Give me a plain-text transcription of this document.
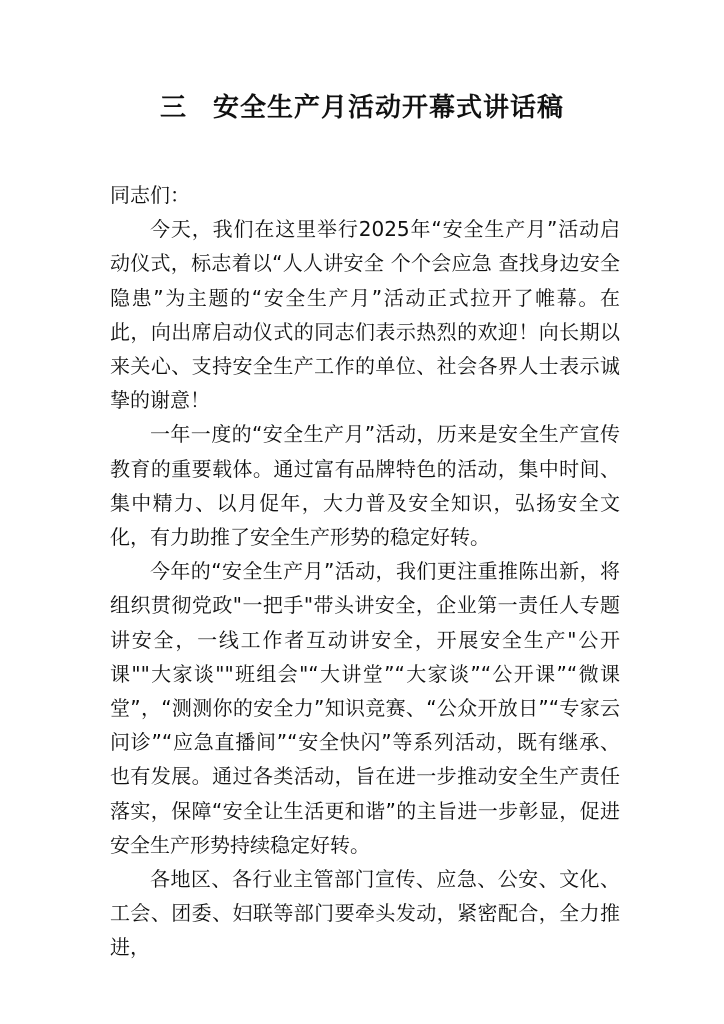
三 安全生产月活动开幕式讲话稿

同志们：

今天，我们在这里举行2025年“安全生产月”活动启动仪式，标志着以“人人讲安全 个个会应急 查找身边安全隐患”为主题的“安全生产月”活动正式拉开了帷幕。在此，向出席启动仪式的同志们表示热烈的欢迎！向长期以来关心、支持安全生产工作的单位、社会各界人士表示诚挚的谢意！

一年一度的“安全生产月”活动，历来是安全生产宣传教育的重要载体。通过富有品牌特色的活动，集中时间、集中精力、以月促年，大力普及安全知识，弘扬安全文化，有力助推了安全生产形势的稳定好转。

今年的“安全生产月”活动，我们更注重推陈出新，将组织贯彻党政"一把手"带头讲安全，企业第一责任人专题讲安全，一线工作者互动讲安全，开展安全生产"公开课""大家谈""班组会"“大讲堂”“大家谈”“公开课”“微课堂”，“测测你的安全力”知识竞赛、“公众开放日”“专家云问诊”“应急直播间”“安全快闪”等系列活动，既有继承、也有发展。通过各类活动，旨在进一步推动安全生产责任落实，保障“安全让生活更和谐”的主旨进一步彰显，促进安全生产形势持续稳定好转。

各地区、各行业主管部门宣传、应急、公安、文化、工会、团委、妇联等部门要牵头发动，紧密配合，全力推进，
